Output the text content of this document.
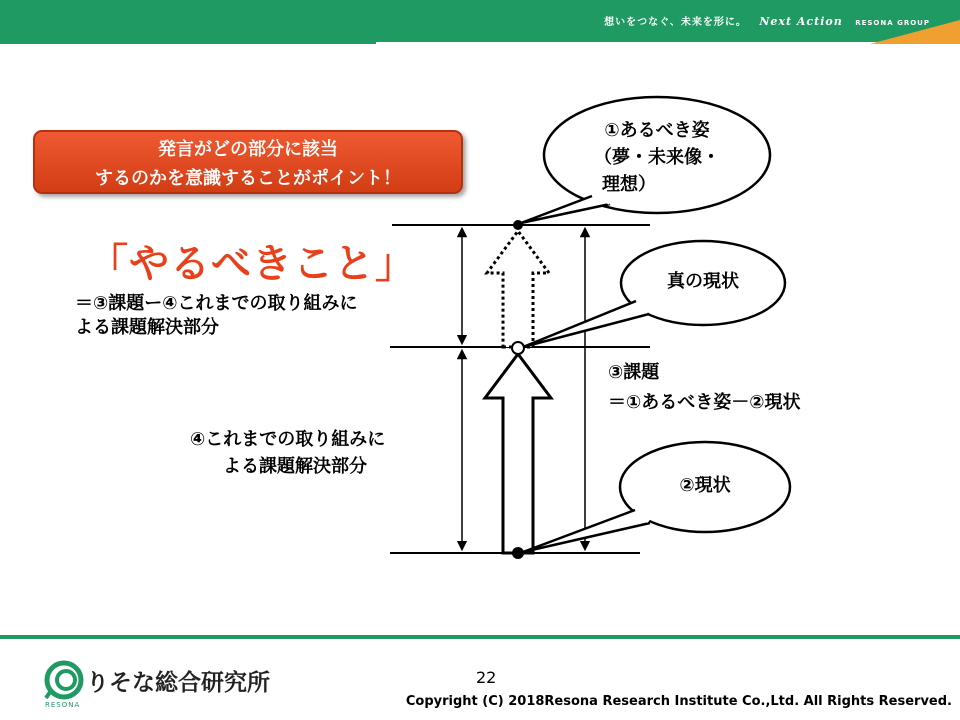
想いをつなぐ、未来を形に。 Next Action RESONA GROUP
発言がどの部分に該当
するのかを意識することがポイント！
「やるべきこと」
＝③課題ー④これまでの取り組みに
よる課題解決部分
①あるべき姿
（夢・未来像・
理想）
真の現状
②現状
③課題
＝①あるべき姿－②現状
④これまでの取り組みに
よる課題解決部分
りそな総合研究所
RESONA
22
Copyright (C) 2018Resona Research Institute Co.,Ltd. All Rights Reserved.
